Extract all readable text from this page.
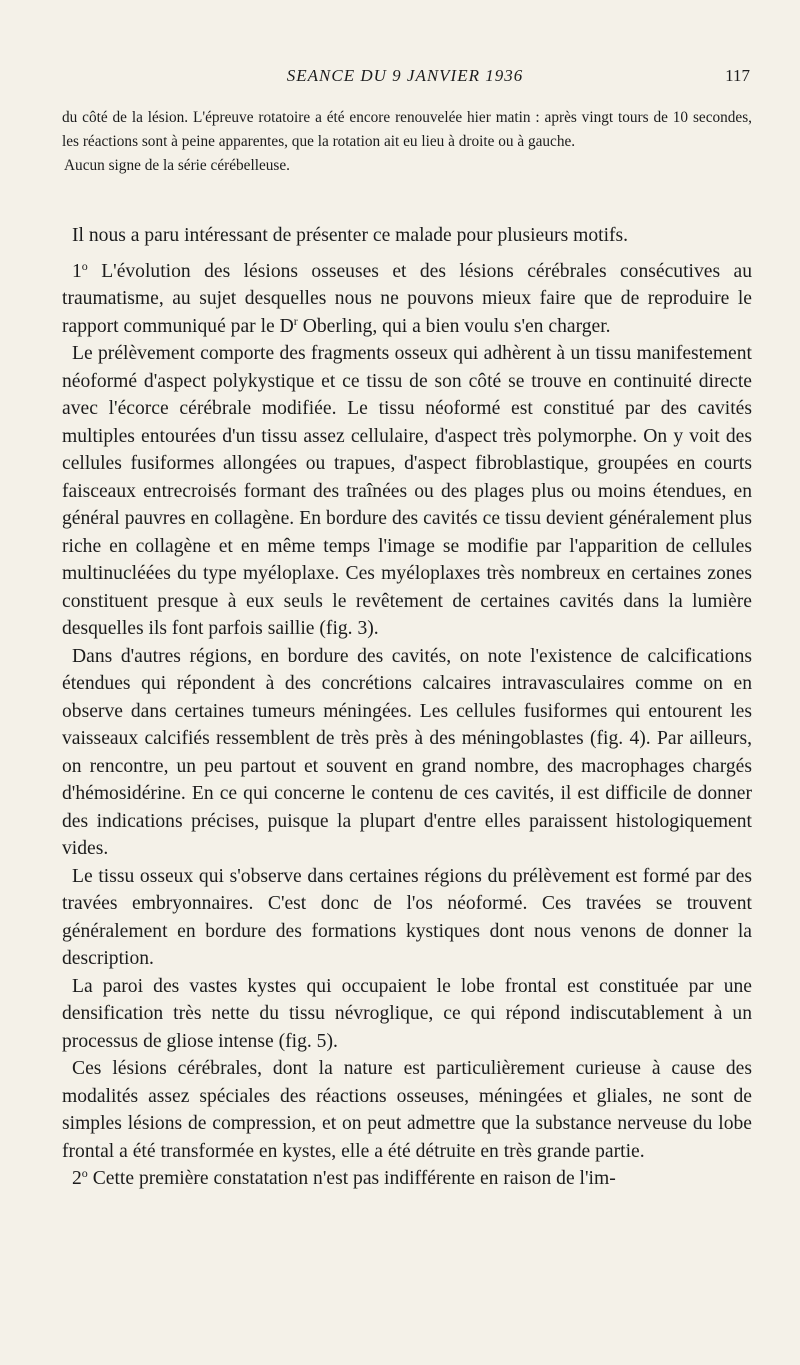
SEANCE DU 9 JANVIER 1936	117

du côté de la lésion. L'épreuve rotatoire a été encore renouvelée hier matin : après vingt tours de 10 secondes, les réactions sont à peine apparentes, que la rotation ait eu lieu à droite ou à gauche.

Aucun signe de la série cérébelleuse.

Il nous a paru intéressant de présenter ce malade pour plusieurs motifs.

1$^o$ L'évolution des lésions osseuses et des lésions cérébrales consécutives au traumatisme, au sujet desquelles nous ne pouvons mieux faire que de reproduire le rapport communiqué par le $D^r$ Oberling, qui a bien voulu s'en charger.

Le prélèvement comporte des fragments osseux qui adhèrent à un tissu manifestement néoformé d'aspect polykystique et ce tissu de son côté se trouve en continuité directe avec l'écorce cérébrale modifiée. Le tissu néoformé est constitué par des cavités multiples entourées d'un tissu assez cellulaire, d'aspect très polymorphe. On y voit des cellules fusiformes allongées ou trapues, d'aspect fibroblastique, groupées en courts faisceaux entrecroisés formant des traînées ou des plages plus ou moins étendues, en général pauvres en collagène. En bordure des cavités ce tissu devient généralement plus riche en collagène et en même temps l'image se modifie par l'apparition de cellules multinucléées du type myéloplaxe. Ces myéloplaxes très nombreux en certaines zones constituent presque à eux seuls le revêtement de certaines cavités dans la lumière desquelles ils font parfois saillie (fig. 3).

Dans d'autres régions, en bordure des cavités, on note l'existence de calcifications étendues qui répondent à des concrétions calcaires intravasculaires comme on en observe dans certaines tumeurs méningées. Les cellules fusiformes qui entourent les vaisseaux calcifiés ressemblent de très près à des méningoblastes (fig. 4). Par ailleurs, on rencontre, un peu partout et souvent en grand nombre, des macrophages chargés d'hémosidérine. En ce qui concerne le contenu de ces cavités, il est difficile de donner des indications précises, puisque la plupart d'entre elles paraissent histologiquement vides.

Le tissu osseux qui s'observe dans certaines régions du prélèvement est formé par des travées embryonnaires. C'est donc de l'os néoformé. Ces travées se trouvent généralement en bordure des formations kystiques dont nous venons de donner la description.

La paroi des vastes kystes qui occupaient le lobe frontal est constituée par une densification très nette du tissu névroglique, ce qui répond indiscutablement à un processus de gliose intense (fig. 5).

Ces lésions cérébrales, dont la nature est particulièrement curieuse à cause des modalités assez spéciales des réactions osseuses, méningées et gliales, ne sont de simples lésions de compression, et on peut admettre que la substance nerveuse du lobe frontal a été transformée en kystes, elle a été détruite en très grande partie.

2$^o$ Cette première constatation n'est pas indifférente en raison de l'im-
